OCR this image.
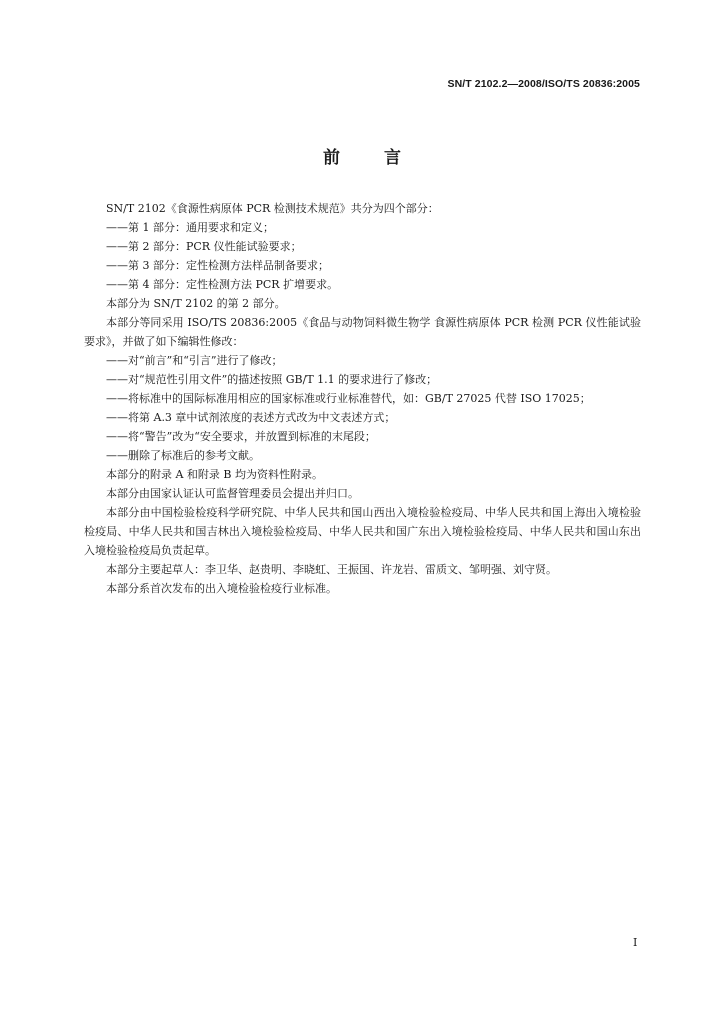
SN/T 2102.2—2008/ISO/TS 20836:2005
前言

SN/T 2102《食源性病原体 PCR 检测技术规范》共分为四个部分：

——第 1 部分：通用要求和定义；

——第 2 部分：PCR 仪性能试验要求；

——第 3 部分：定性检测方法样品制备要求；

——第 4 部分：定性检测方法 PCR 扩增要求。

本部分为 SN/T 2102 的第 2 部分。

本部分等同采用 ISO/TS 20836:2005《食品与动物饲料微生物学 食源性病原体 PCR 检测 PCR 仪性能试验要求》，并做了如下编辑性修改：

——对“前言”和“引言”进行了修改；

——对“规范性引用文件”的描述按照 GB/T 1.1 的要求进行了修改；

——将标准中的国际标准用相应的国家标准或行业标准替代，如：GB/T 27025 代替 ISO 17025；

——将第 A.3 章中试剂浓度的表述方式改为中文表述方式；

——将“警告”改为“安全要求，并放置到标准的末尾段；

——删除了标准后的参考文献。

本部分的附录 A 和附录 B 均为资料性附录。

本部分由国家认证认可监督管理委员会提出并归口。

本部分由中国检验检疫科学研究院、中华人民共和国山西出入境检验检疫局、中华人民共和国上海出入境检验检疫局、中华人民共和国吉林出入境检验检疫局、中华人民共和国广东出入境检验检疫局、中华人民共和国山东出入境检验检疫局负责起草。

本部分主要起草人：李卫华、赵贵明、李晓虹、王振国、许龙岩、雷质文、邹明强、刘守贤。

本部分系首次发布的出入境检验检疫行业标准。

I
